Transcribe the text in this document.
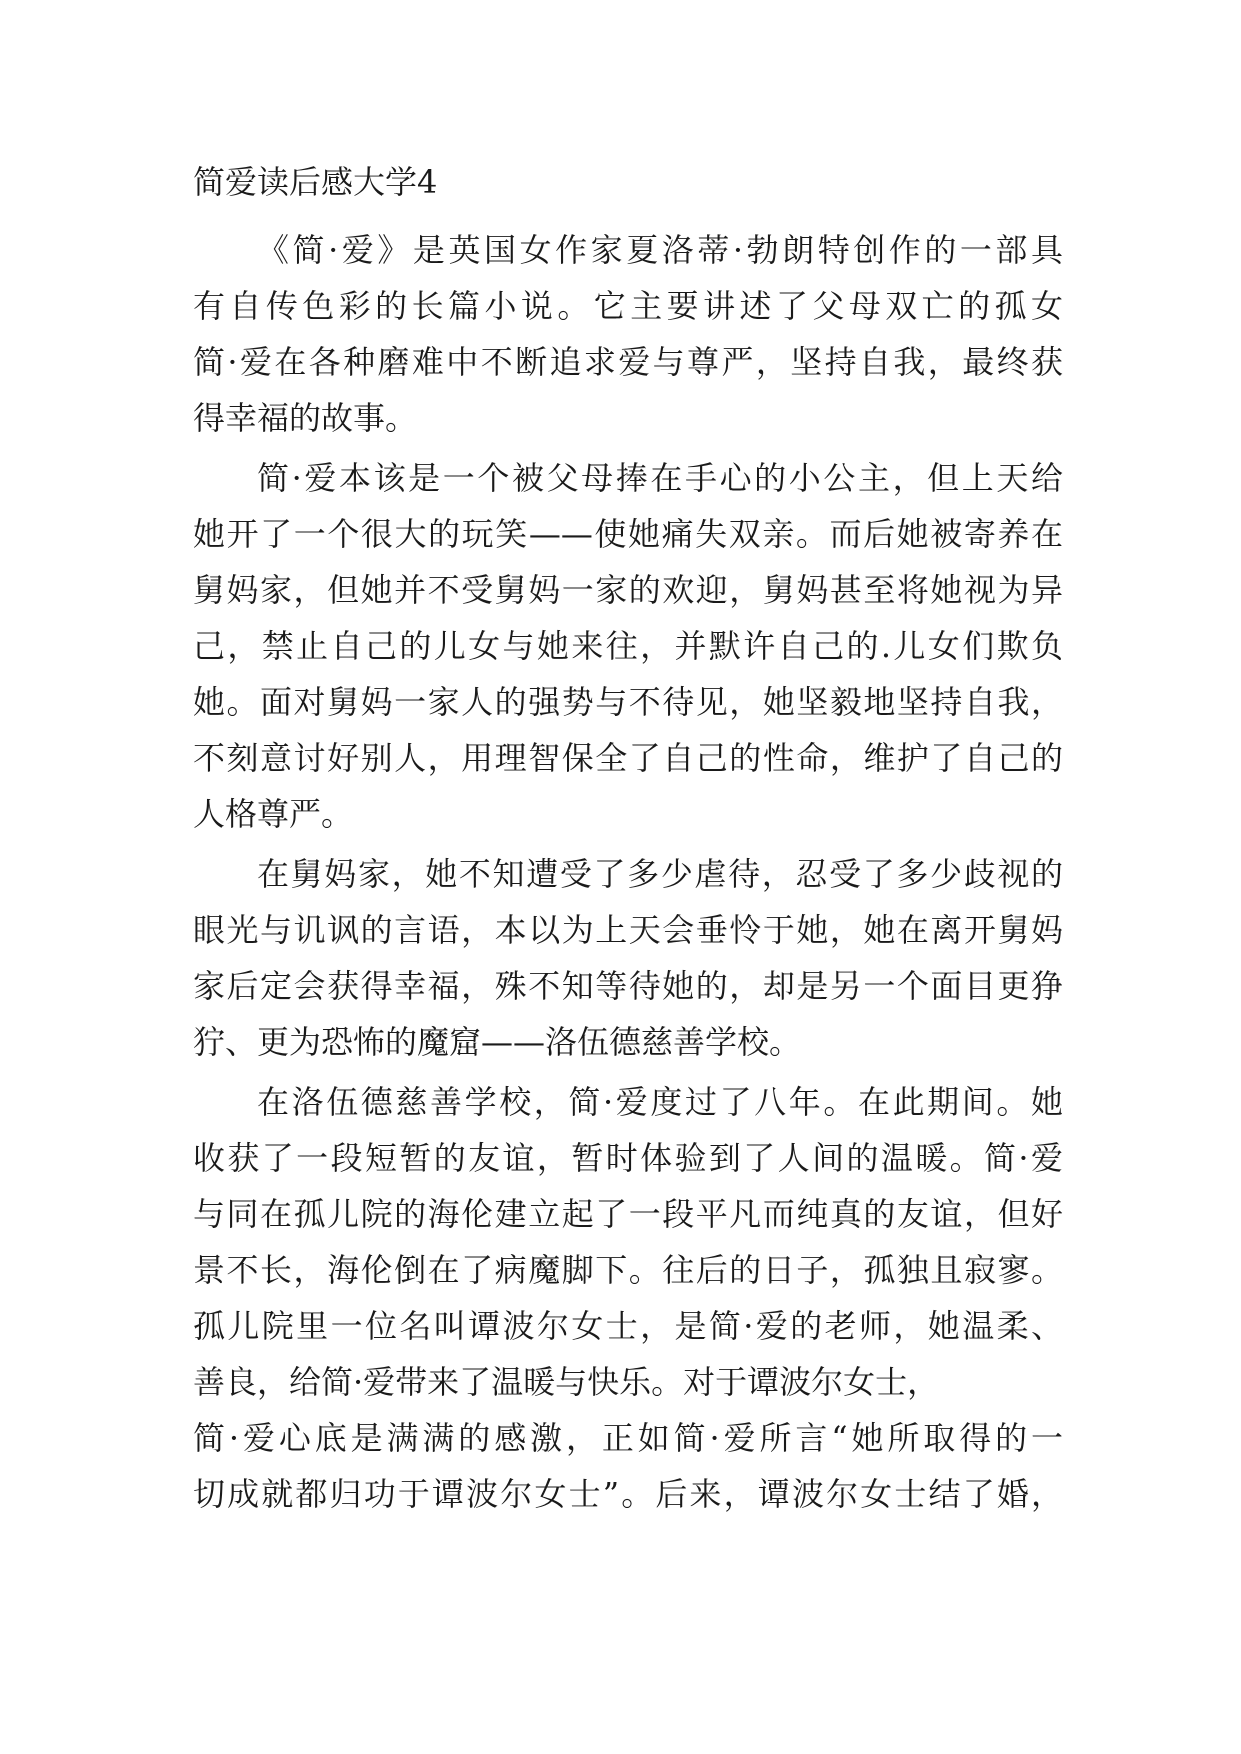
简爱读后感大学4
《简·爱》是英国女作家夏洛蒂·勃朗特创作的一部具
有自传色彩的长篇小说。它主要讲述了父母双亡的孤女
简·爱在各种磨难中不断追求爱与尊严，坚持自我，最终获
得幸福的故事。
简·爱本该是一个被父母捧在手心的小公主，但上天给
她开了一个很大的玩笑——使她痛失双亲。而后她被寄养在
舅妈家，但她并不受舅妈一家的欢迎，舅妈甚至将她视为异
己，禁止自己的儿女与她来往，并默许自己的.儿女们欺负
她。面对舅妈一家人的强势与不待见，她坚毅地坚持自我，
不刻意讨好别人，用理智保全了自己的性命，维护了自己的
人格尊严。
在舅妈家，她不知遭受了多少虐待，忍受了多少歧视的
眼光与讥讽的言语，本以为上天会垂怜于她，她在离开舅妈
家后定会获得幸福，殊不知等待她的，却是另一个面目更狰
狞、更为恐怖的魔窟——洛伍德慈善学校。
在洛伍德慈善学校，简·爱度过了八年。在此期间。她
收获了一段短暂的友谊，暂时体验到了人间的温暖。简·爱
与同在孤儿院的海伦建立起了一段平凡而纯真的友谊，但好
景不长，海伦倒在了病魔脚下。往后的日子，孤独且寂寥。
孤儿院里一位名叫谭波尔女士，是简·爱的老师，她温柔、
善良，给简·爱带来了温暖与快乐。对于谭波尔女士，
简·爱心底是满满的感激，正如简·爱所言“她所取得的一
切成就都归功于谭波尔女士”。后来，谭波尔女士结了婚，
